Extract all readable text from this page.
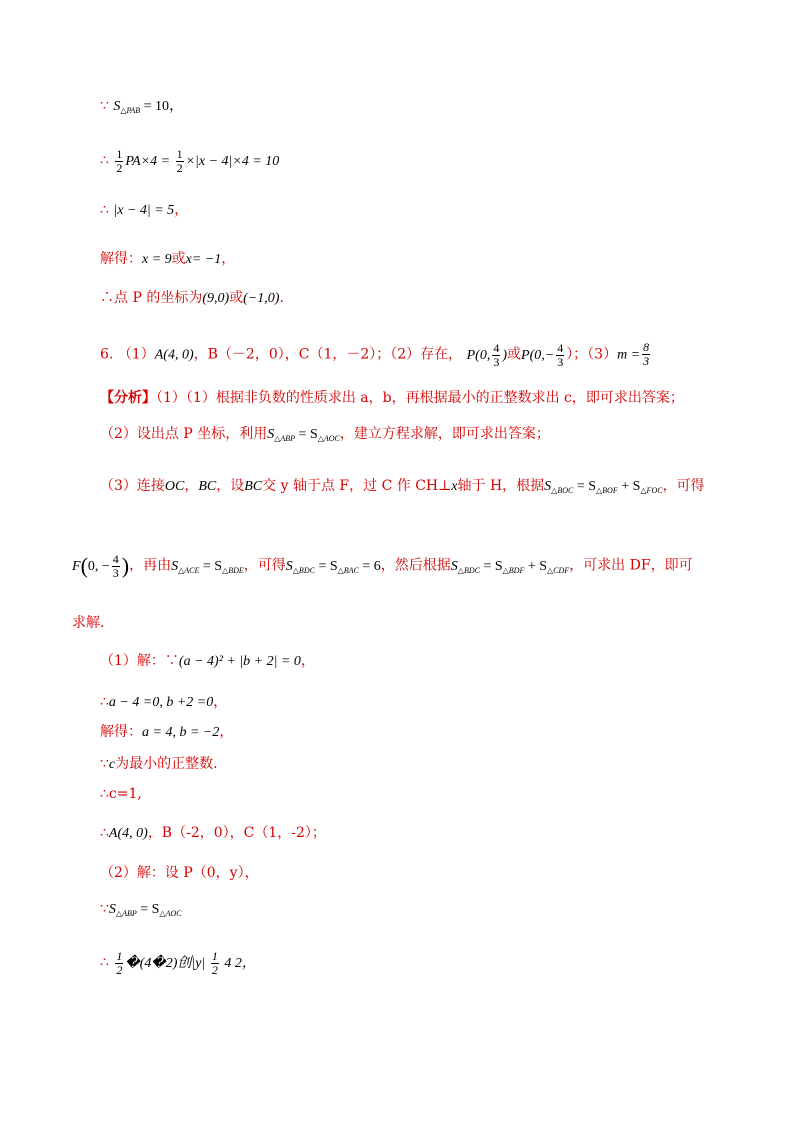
∵ $S_{\triangle PAB} = 10$，
∴ $\frac{1}{2} PA\times 4 = \frac{1}{2} \times|x - 4|\times 4 = 10$
∴ |x − 4| = 5，
解得：x = 9或x= −1，
∴点 P 的坐标为(9,0)或(−1,0).
6. （1）A(4, 0)，B（－2，0），C（1，－2）；（2）存在， P(0, $\frac{4}{3}$ )或$P(0,- \frac{4}{3}$ ）；$(3)m = \frac{8}{3}$
【分析】（1）（1）根据非负数的性质求出 a，b，再根据最小的正整数求出 c，即可求出答案；
（2）设出点 P 坐标，利用$S_{\triangle ABP} = S_{\triangle AOC}$，建立方程求解，即可求出答案；
（3）连接OC，BC，设BC交 y 轴于点 F，过 C 作 CH⊥x轴于 H，根据$S_{\triangle BOC} = S_{\triangle BOF} + S_{\triangle FOC}$，可得
F(0, − $\frac{4}{3}$ )，再由$S_{\triangle ACE} = S_{\triangle BDE}$，可得$S_{\triangle BDC} = S_{\triangle BAC} = 6$，然后根据$S_{\triangle BDC} = S_{\triangle BDF} + S_{\triangle CDF}$，可求出 DF，即可
求解.
（1）解：∵(a − 4)² + |b + 2| = 0，
∴a − 4 =0, b +2 =0，
解得：a = 4, b = −2，
∵c为最小的正整数.
∴c=1,
∴A(4, 0)，B（-2，0），C（1，-2）；
（2）解：设 P（0，y），
$\because S_{\triangle ABP} = S_{\triangle AOC}$
∴ $\frac{1}{2}$ �(4�2)创$|y| \frac{1}{2} 4$ 2，
